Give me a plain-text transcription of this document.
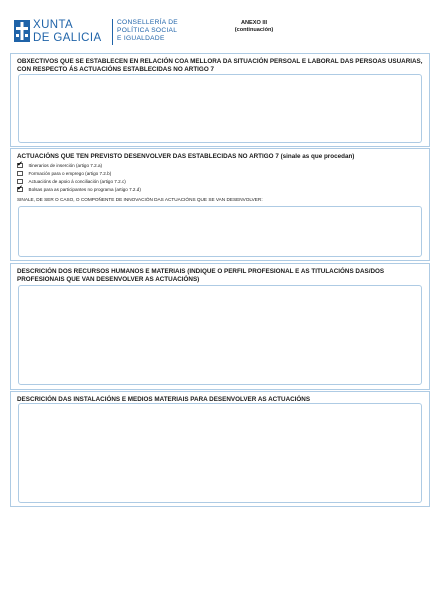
XUNTA
DE GALICIA
CONSELLERÍA DE
POLÍTICA SOCIAL
E IGUALDADE
ANEXO III
(continuación)
OBXECTIVOS QUE SE ESTABLECEN EN RELACIÓN COA MELLORA DA SITUACIÓN PERSOAL E LABORAL DAS PERSOAS USUARIAS, CON RESPECTO ÁS ACTUACIÓNS ESTABLECIDAS NO ARTIGO 7
ACTUACIÓNS QUE TEN PREVISTO DESENVOLVER DAS ESTABLECIDAS NO ARTIGO 7 (sinale as que procedan)
✔ Itinerarios de inserción (artigo 7.2.a)
Formación para o emprego (artigo 7.2.b)
Actuacións de apoio á conciliación (artigo 7.2.c)
✔ Bolsas para as participantes no programa (artigo 7.2.d)
SINALE, DE SER O CASO, O COMPOÑENTE DE INNOVACIÓN DAS ACTUACIÓNS QUE SE VAN DESENVOLVER:
DESCRICIÓN DOS RECURSOS HUMANOS E MATERIAIS (INDIQUE O PERFIL PROFESIONAL E AS TITULACIÓNS DAS/DOS PROFESIONAIS QUE VAN DESENVOLVER AS ACTUACIÓNS)
DESCRICIÓN DAS INSTALACIÓNS E MEDIOS MATERIAIS PARA DESENVOLVER AS ACTUACIÓNS
